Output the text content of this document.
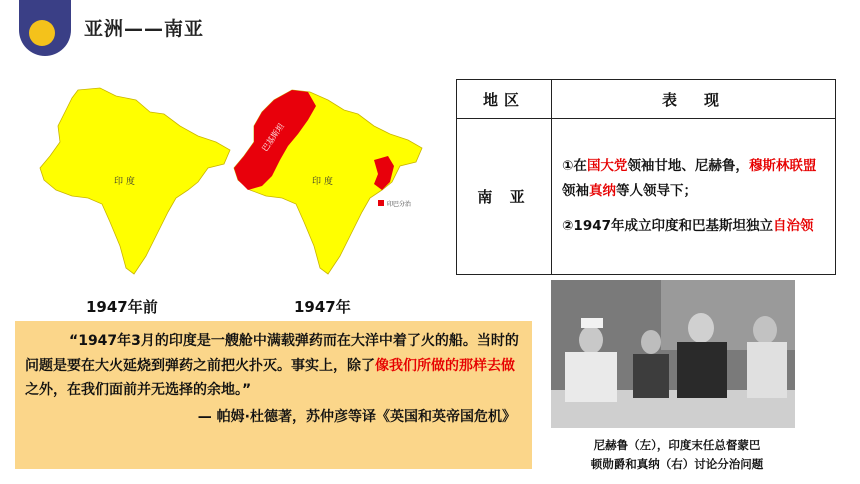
亚洲——南亚
印 度
1947年前
巴基斯坦
印 度
印巴分治
1947年
地区	表　现
南 亚	①在国大党领袖甘地、尼赫鲁，穆斯林联盟领袖真纳等人领导下；
②1947年成立印度和巴基斯坦独立自治领
“1947年3月的印度是一艘舱中满载弹药而在大洋中着了火的船。当时的问题是要在大火延烧到弹药之前把火扑灭。事实上，除了像我们所做的那样去做之外，在我们面前并无选择的余地。”
— 帕姆·杜德著，苏仲彦等译《英国和英帝国危机》
尼赫鲁（左），印度末任总督蒙巴
顿勋爵和真纳（右）讨论分治问题
